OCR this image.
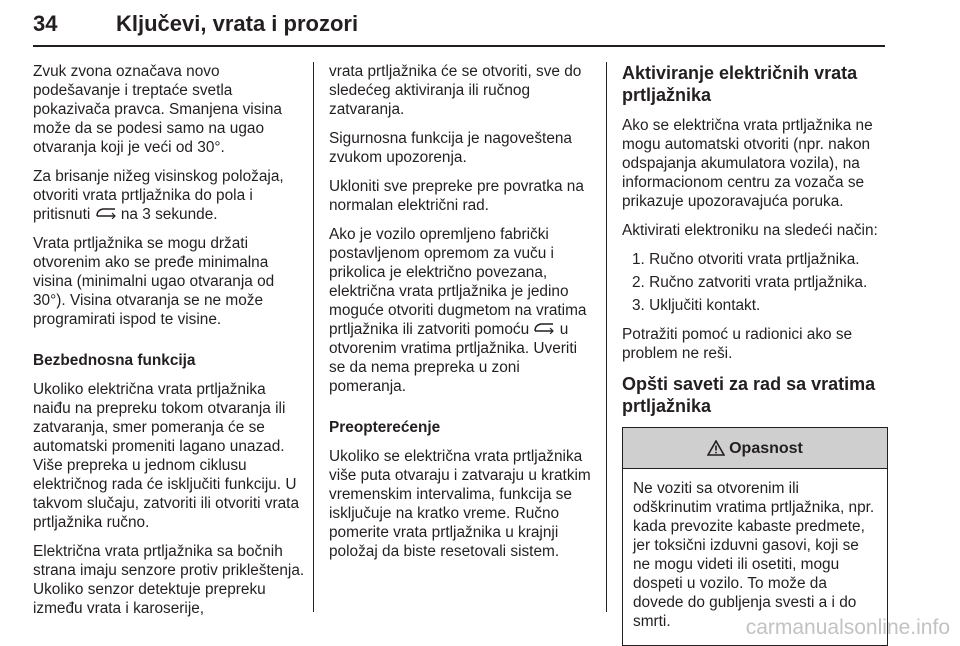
34	Ključevi, vrata i prozori

Zvuk zvona označava novo podešavanje i treptaće svetla pokazivača pravca. Smanjena visina može da se podesi samo na ugao otvaranja koji je veći od 30°.

Za brisanje nižeg visinskog položaja, otvoriti vrata prtljažnika do pola i pritisnuti na 3 sekunde.

Vrata prtljažnika se mogu držati otvorenim ako se pređe minimalna visina (minimalni ugao otvaranja od 30°). Visina otvaranja se ne može programirati ispod te visine.

Bezbednosna funkcija

Ukoliko električna vrata prtljažnika naiđu na prepreku tokom otvaranja ili zatvaranja, smer pomeranja će se automatski promeniti lagano unazad. Više prepreka u jednom ciklusu električnog rada će isključiti funkciju. U takvom slučaju, zatvoriti ili otvoriti vrata prtljažnika ručno.

Električna vrata prtljažnika sa bočnih strana imaju senzore protiv prikleštenja. Ukoliko senzor detektuje prepreku između vrata i karoserije,

vrata prtljažnika će se otvoriti, sve do sledećeg aktiviranja ili ručnog zatvaranja.

Sigurnosna funkcija je nagoveštena zvukom upozorenja.

Ukloniti sve prepreke pre povratka na normalan električni rad.

Ako je vozilo opremljeno fabrički postavljenom opremom za vuču i prikolica je električno povezana, električna vrata prtljažnika je jedino moguće otvoriti dugmetom na vratima prtljažnika ili zatvoriti pomoću u otvorenim vratima prtljažnika. Uveriti se da nema prepreka u zoni pomeranja.

Preopterećenje

Ukoliko se električna vrata prtljažnika više puta otvaraju i zatvaraju u kratkim vremenskim intervalima, funkcija se isključuje na kratko vreme. Ručno pomerite vrata prtljažnika u krajnji položaj da biste resetovali sistem.

Aktiviranje električnih vrata prtljažnika

Ako se električna vrata prtljažnika ne mogu automatski otvoriti (npr. nakon odspajanja akumulatora vozila), na informacionom centru za vozača se prikazuje upozoravajuća poruka.

Aktivirati elektroniku na sledeći način:

1. Ručno otvoriti vrata prtljažnika.
2. Ručno zatvoriti vrata prtljažnika.
3. Uključiti kontakt.

Potražiti pomoć u radionici ako se problem ne reši.

Opšti saveti za rad sa vratima prtljažnika
Opasnost
Ne voziti sa otvorenim ili odškrinutim vratima prtljažnika, npr. kada prevozite kabaste predmete, jer toksični izduvni gasovi, koji se ne mogu videti ili osetiti, mogu dospeti u vozilo. To može da dovede do gubljenja svesti a i do smrti.	carmanualsonline.info
